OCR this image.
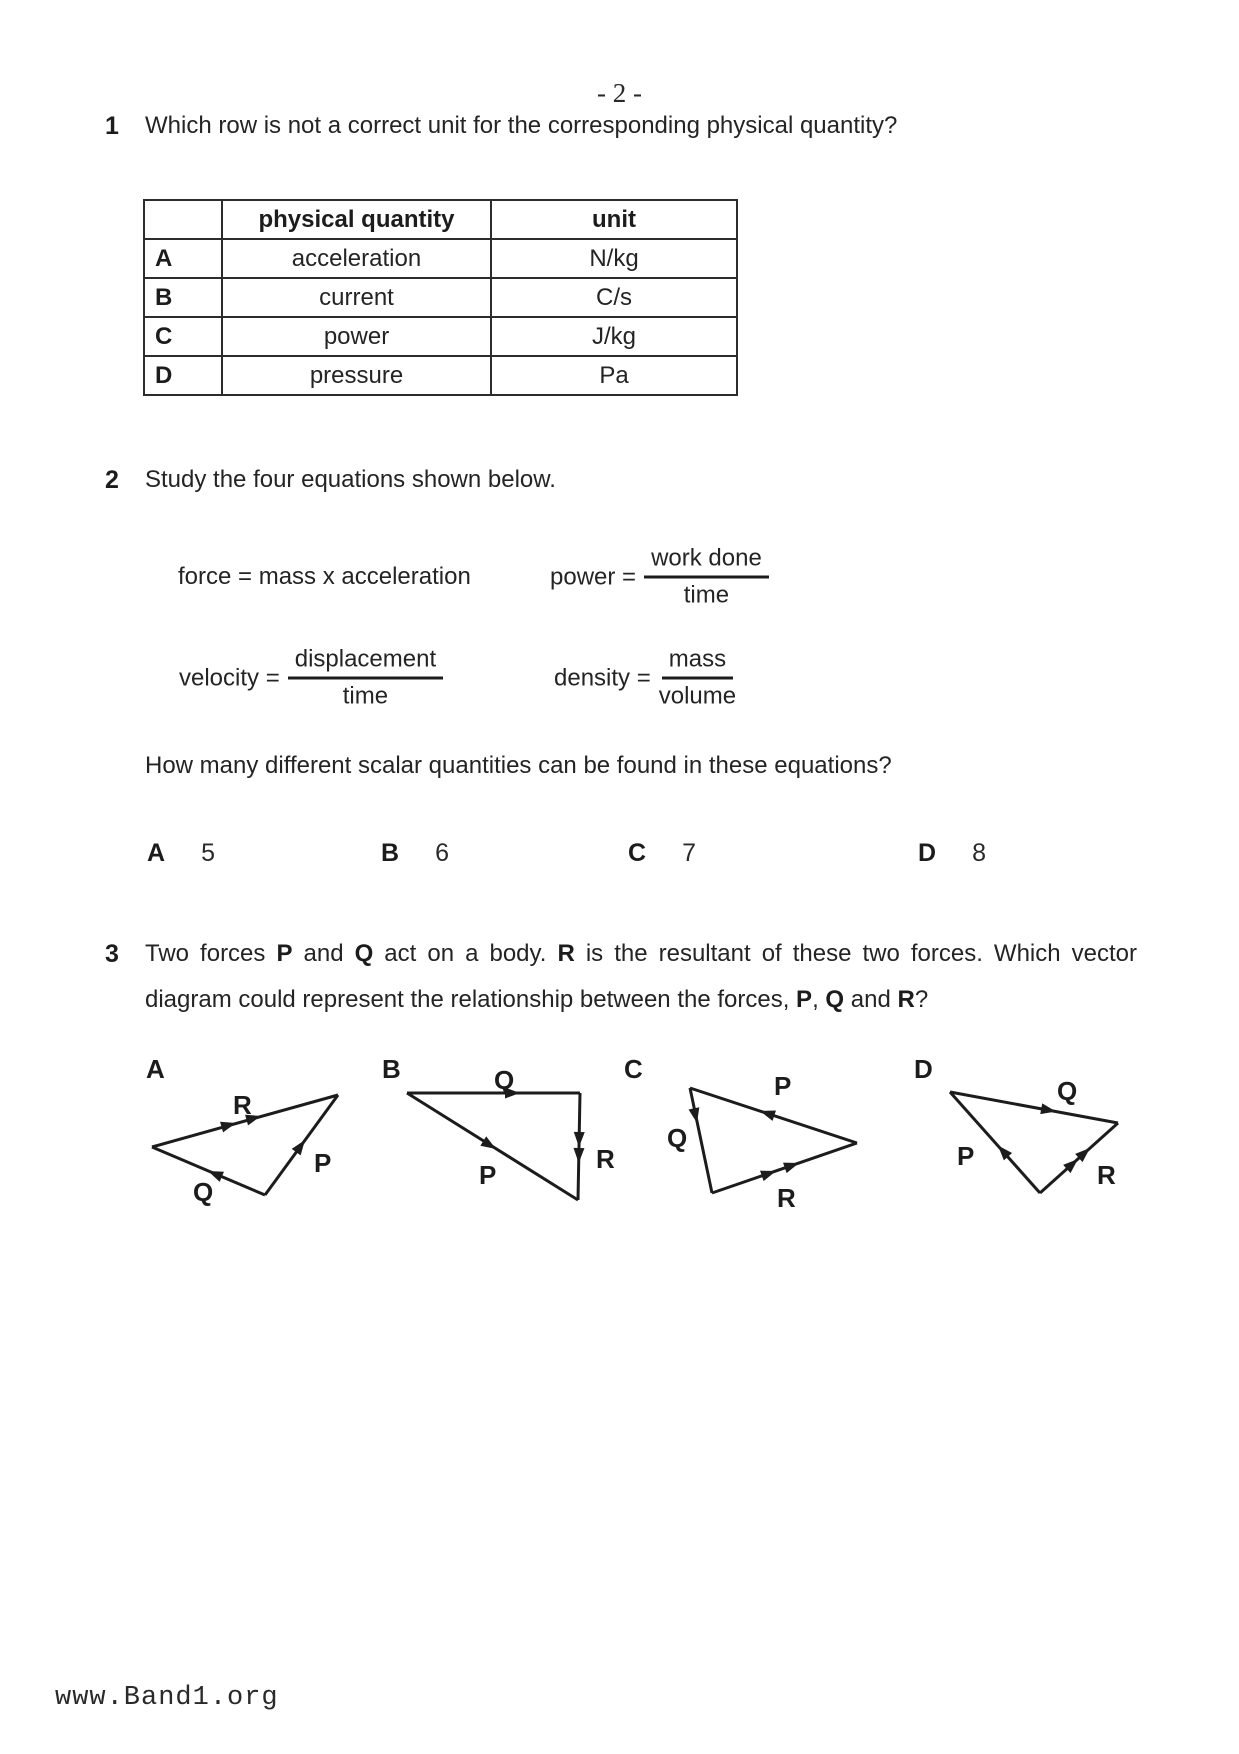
- 2 -
1 Which row is not a correct unit for the corresponding physical quantity?
	physical quantity	unit
A	acceleration	N/kg
B	current	C/s
C	power	J/kg
D	pressure	Pa
2 Study the four equations shown below.
force = mass x acceleration	power = $\frac{\text{work done}}{\text{time}}$
velocity = $\frac{\text{displacement}}{\text{time}}$	density = $\frac{\text{mass}}{\text{volume}}$
How many different scalar quantities can be found in these equations?
A 5	B 6	C 7	D 8
3 Two forces P and Q act on a body. R is the resultant of these two forces. Which vector
diagram could represent the relationship between the forces, P, Q and R?
A
R
P
Q
B	Q
P
R
C
P
Q
R
D
Q
P
R
www.Band1.org
